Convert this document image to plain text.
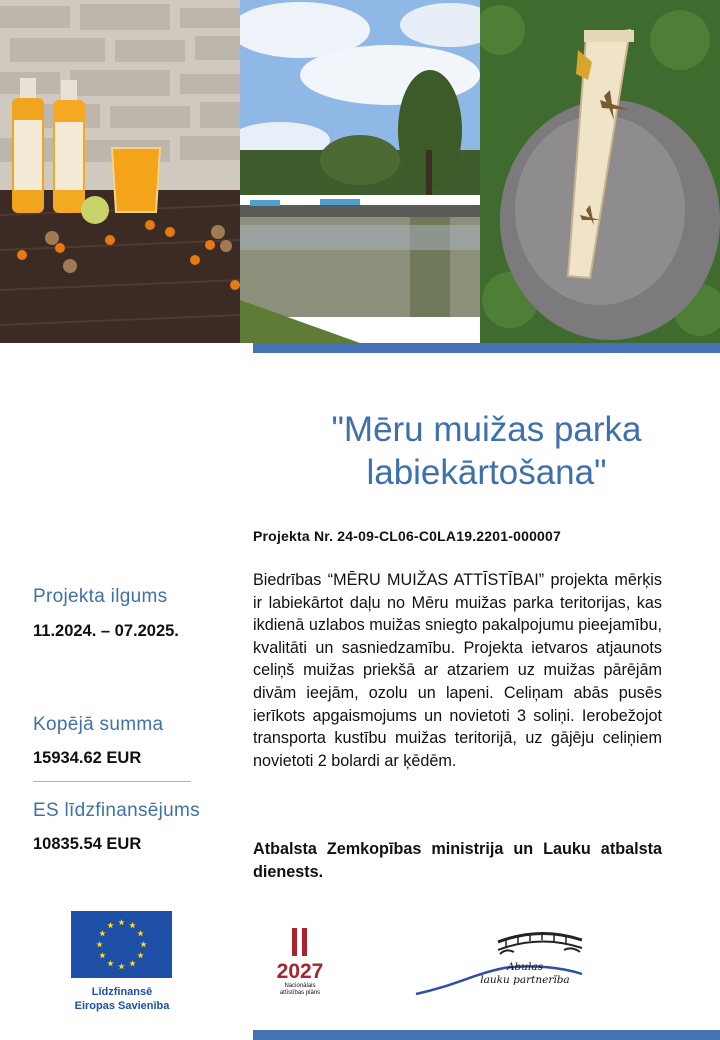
"Mēru muižas parka labiekārtošana"
Projekta Nr. 24-09-CL06-C0LA19.2201-000007

Biedrības “MĒRU MUIŽAS ATTĪSTĪBAI” projekta mērķis ir labiekārtot daļu no Mēru muižas parka teritorijas, kas ikdienā uzlabos muižas sniegto pakalpojumu pieejamību, kvalitāti un sasniedzamību. Projekta ietvaros atjaunots celiņš muižas priekšā ar atzariem uz muižas pārējām divām ieejām, ozolu un lapeni. Celiņam abās pusēs ierīkots apgaismojums un novietoti 3 soliņi. Ierobežojot transporta kustību muižas teritorijā, uz gājēju celiņiem novietoti 2 bolardi ar ķēdēm.

Atbalsta Zemkopības ministrija un Lauku atbalsta dienests.

Projekta ilgums
11.2024. – 07.2025.
Kopējā summa
15934.62 EUR
ES līdzfinansējums
10835.54 EUR
Līdzfinansē
Eiropas Savienība
2027
Nacionālais
attīstības plāns
Abulas
lauku partnerība
